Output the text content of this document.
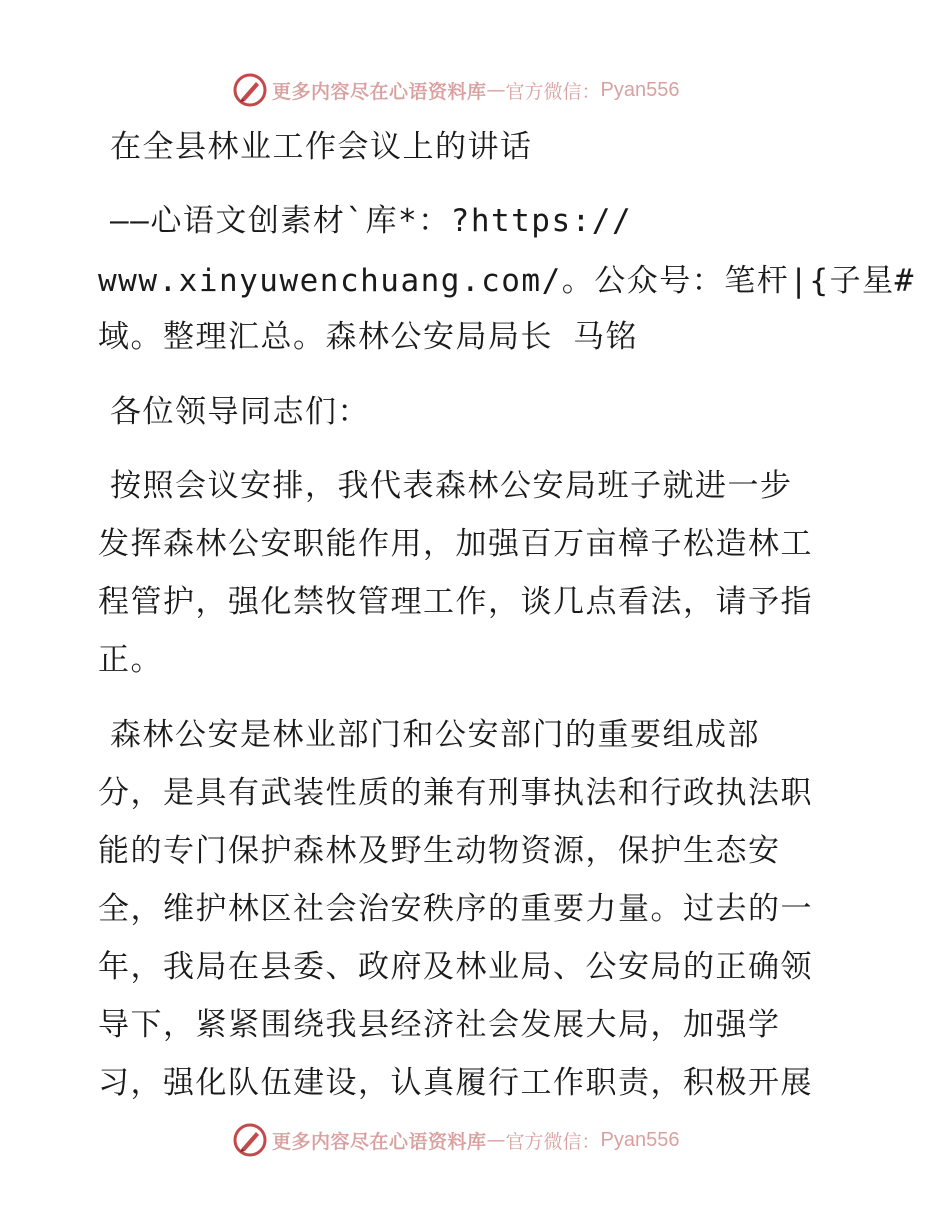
更多内容尽在心语资料库 — 官方微信： Pyan556
在全县林业工作会议上的讲话
——心语文创素材`库*：?https://
www.xinyuwenchuang.com/。公众号：笔杆|{子星#
域。整理汇总。森林公安局局长 马铭
各位领导同志们：
按照会议安排，我代表森林公安局班子就进一步
发挥森林公安职能作用，加强百万亩樟子松造林工
程管护，强化禁牧管理工作，谈几点看法，请予指
正。
森林公安是林业部门和公安部门的重要组成部
分，是具有武装性质的兼有刑事执法和行政执法职
能的专门保护森林及野生动物资源，保护生态安
全，维护林区社会治安秩序的重要力量。过去的一
年，我局在县委、政府及林业局、公安局的正确领
导下，紧紧围绕我县经济社会发展大局，加强学
习，强化队伍建设，认真履行工作职责，积极开展
更多内容尽在心语资料库 — 官方微信： Pyan556
